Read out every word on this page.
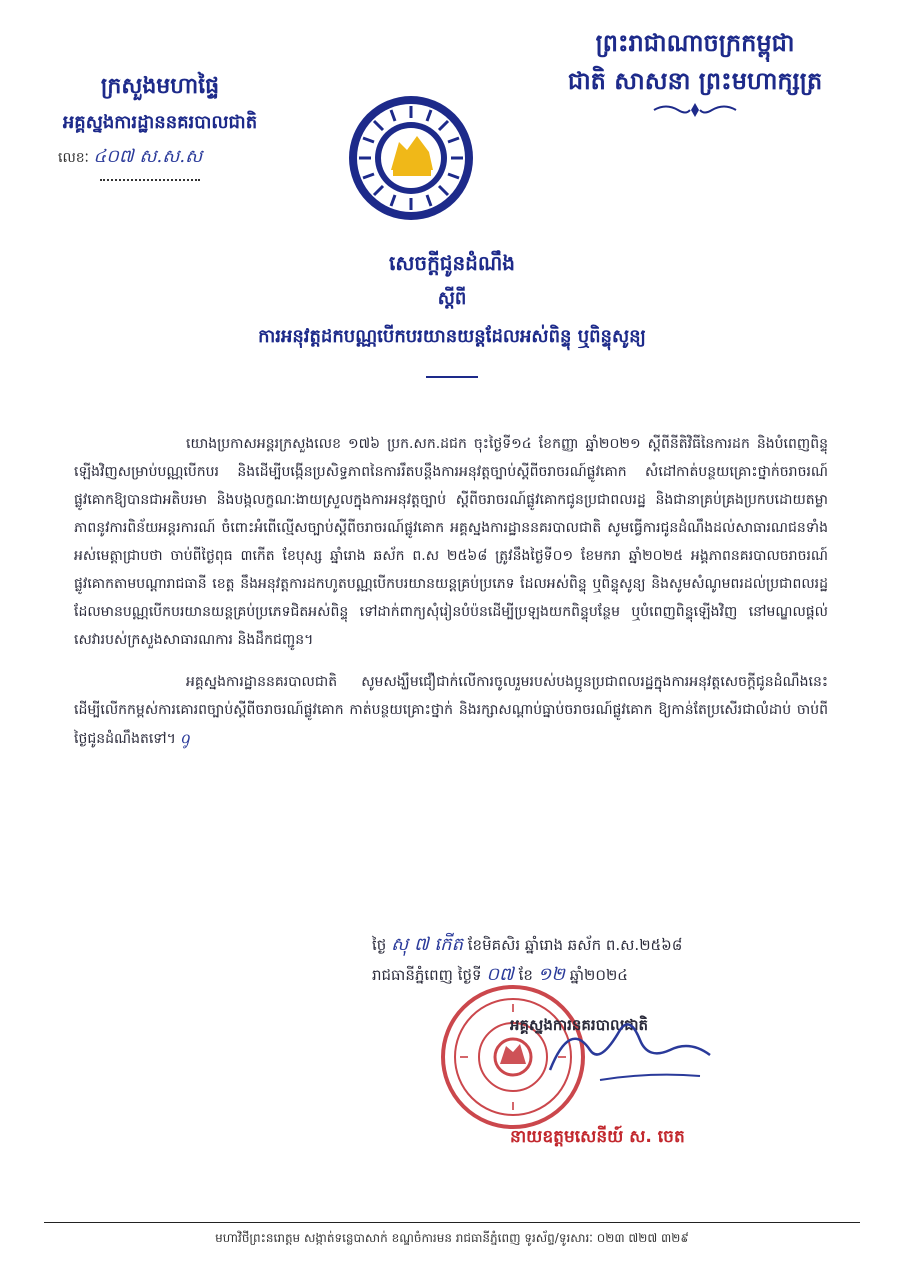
ព្រះរាជាណាចក្រកម្ពុជា
ជាតិ សាសនា ព្រះមហាក្សត្រ
ក្រសួងមហាផ្ទៃ
អគ្គស្នងការដ្ឋាននគរបាលជាតិ
លេខៈ ៤០៧ ស.ស.ស
សេចក្តីជូនដំណឹង
ស្តីពី
ការអនុវត្តដកបណ្ណបើកបរយានយន្តដែលអស់ពិន្ទុ ឬពិន្ទុសូន្យ

យោងប្រកាសអន្តរក្រសួងលេខ ១៧៦ ប្រក.សក.ដជក ចុះថ្ងៃទី១៤ ខែកញ្ញា ឆ្នាំ២០២១ ស្តីពីនីតិវិធីនៃការដក និងបំពេញពិន្ទុឡើងវិញសម្រាប់បណ្ណបើកបរ និងដើម្បីបង្កើនប្រសិទ្ធភាពនៃការរឹតបន្តឹងការអនុវត្តច្បាប់ស្តីពីចរាចរណ៍ផ្លូវគោក សំដៅកាត់បន្ថយគ្រោះថ្នាក់ចរាចរណ៍ផ្លូវគោកឱ្យបានជាអតិបរមា និងបង្កលក្ខណៈងាយស្រួលក្នុងការអនុវត្តច្បាប់ ស្តីពីចរាចរណ៍ផ្លូវគោកជូនប្រជាពលរដ្ឋ និងជានាគ្រប់គ្រងប្រកបដោយតម្លាភាពនូវការពិន័យអន្តរការណ៍ ចំពោះអំពើល្មើសច្បាប់ស្តីពីចរាចរណ៍ផ្លូវគោក អគ្គស្នងការដ្ឋាននគរបាលជាតិ សូមធ្វើការជូនដំណឹងដល់សាធារណជនទាំងអស់មេត្តាជ្រាបថា ចាប់ពីថ្ងៃពុធ ៣កើត ខែបុស្ស ឆ្នាំរោង ឆស័ក ព.ស ២៥៦៨ ត្រូវនឹងថ្ងៃទី០១ ខែមករា ឆ្នាំ២០២៥ អង្គភាពនគរបាលចរាចរណ៍ផ្លូវគោកតាមបណ្តារាជធានី ខេត្ត នឹងអនុវត្តការដកហូតបណ្ណបើកបរយានយន្តគ្រប់ប្រភេទ ដែលអស់ពិន្ទុ ឬពិន្ទុសូន្យ និងសូមសំណូមពរដល់ប្រជាពលរដ្ឋដែលមានបណ្ណបើកបរយានយន្តគ្រប់ប្រភេទជិតអស់ពិន្ទុ ទៅដាក់ពាក្យសុំរៀនបំប៉នដើម្បីប្រឡងយកពិន្ទុបន្ថែម ឬបំពេញពិន្ទុឡើងវិញ នៅមណ្ឌលផ្តល់សេវារបស់ក្រសួងសាធារណការ និងដឹកជញ្ជូន។

អគ្គស្នងការដ្ឋាននគរបាលជាតិ សូមសង្ឃឹមជឿជាក់លើការចូលរួមរបស់បងប្អូនប្រជាពលរដ្ឋក្នុងការអនុវត្តសេចក្តីជូនដំណឹងនេះ ដើម្បីលើកកម្ពស់ការគោរពច្បាប់ស្តីពីចរាចរណ៍ផ្លូវគោក កាត់បន្ថយគ្រោះថ្នាក់ និងរក្សាសណ្តាប់ធ្នាប់ចរាចរណ៍ផ្លូវគោក ឱ្យកាន់តែប្រសើរជាលំដាប់ ចាប់ពីថ្ងៃជូនដំណឹងតទៅ។ ᧁ

ថ្ងៃ សុ ៧ កើត ខែមិគសិរ ឆ្នាំរោង ឆស័ក ព.ស.២៥៦៨
រាជធានីភ្នំពេញ ថ្ងៃទី ០៧ ខែ ១២ ឆ្នាំ២០២៤
អគ្គស្នងការនគរបាលជាតិ
នាយឧត្តមសេនីយ៍ ស. ចេត
មហាវិថីព្រះនរោត្តម សង្កាត់ទន្លេបាសាក់ ខណ្ឌចំការមន រាជធានីភ្នំពេញ ទូរស័ព្ទ/ទូរសារៈ ០២៣ ៧២៧ ៣២៩
